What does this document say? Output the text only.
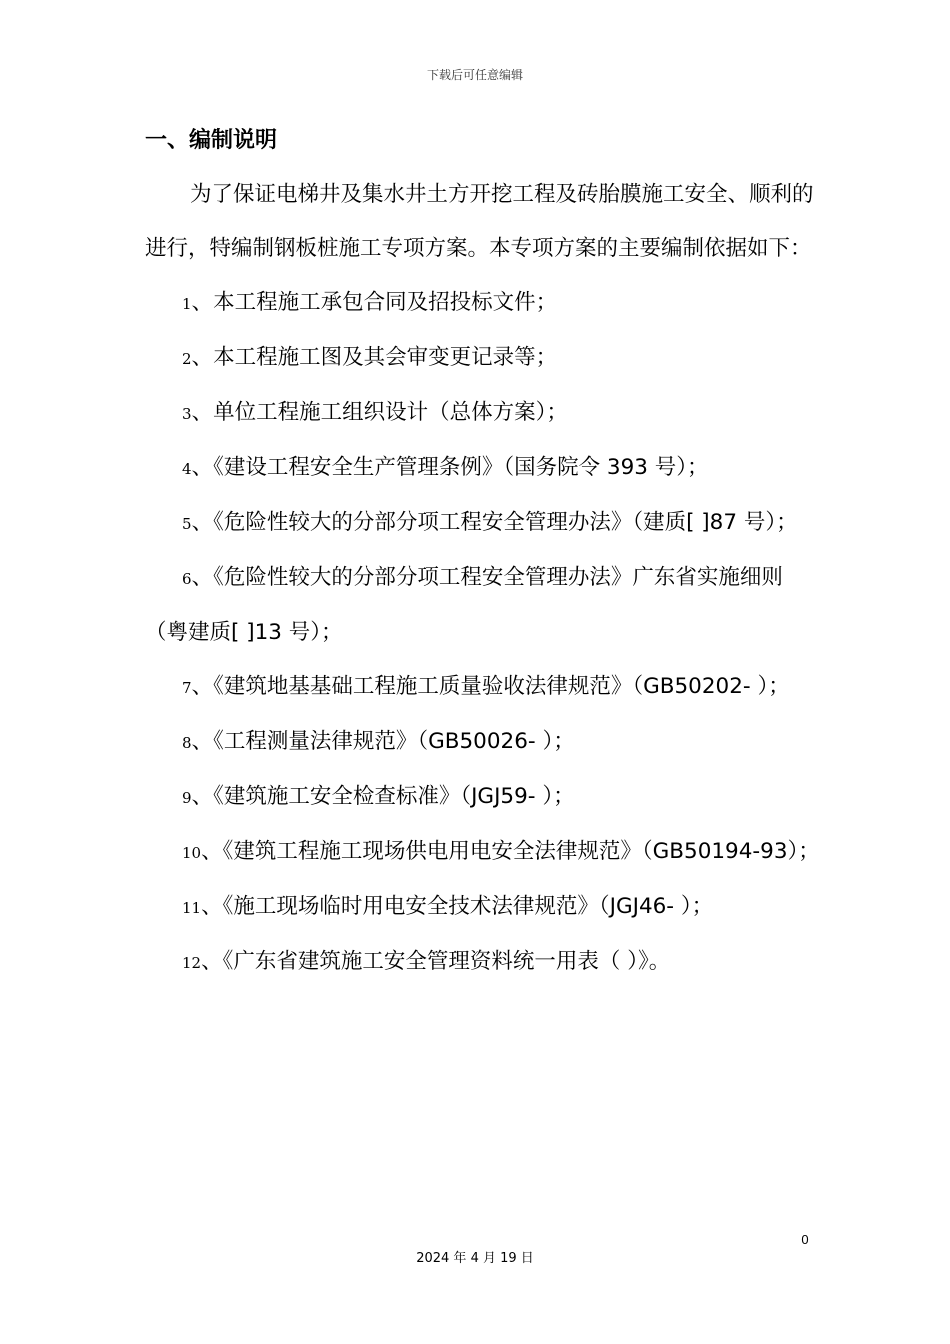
下载后可任意编辑
一、编制说明

为了保证电梯井及集水井土方开挖工程及砖胎膜施工安全、顺利的进行，特编制钢板桩施工专项方案。本专项方案的主要编制依据如下：

1、本工程施工承包合同及招投标文件；

2、本工程施工图及其会审变更记录等；

3、单位工程施工组织设计（总体方案）；

4、《建设工程安全生产管理条例》（国务院令 393 号）；

5、《危险性较大的分部分项工程安全管理办法》（建质[ ]87 号）；

6、《危险性较大的分部分项工程安全管理办法》广东省实施细则（粤建质[ ]13 号）；

7、《建筑地基基础工程施工质量验收法律规范》（GB50202- ）；

8、《工程测量法律规范》（GB50026- ）；

9、《建筑施工安全检查标准》（JGJ59- ）；

10、《建筑工程施工现场供电用电安全法律规范》（GB50194-93）；

11、《施工现场临时用电安全技术法律规范》（JGJ46- ）；

12、《广东省建筑施工安全管理资料统一用表（ ）》。

0
2024 年 4 月 19 日
